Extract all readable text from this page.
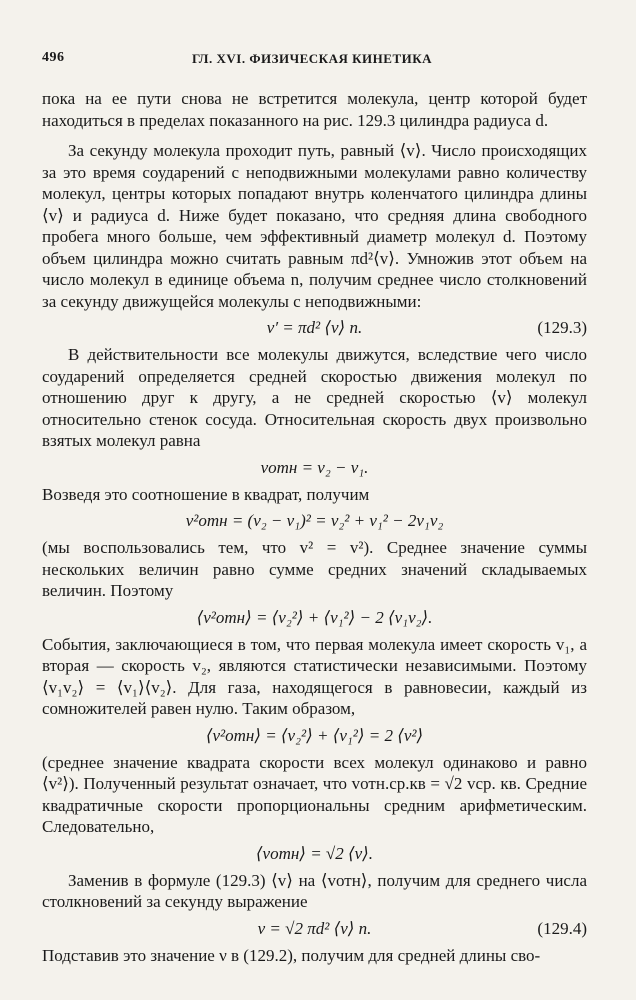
496	ГЛ. XVI. ФИЗИЧЕСКАЯ КИНЕТИКА

пока на ее пути снова не встретится молекула, центр которой будет находиться в пределах показанного на рис. 129.3 цилиндра радиуса d.

За секунду молекула проходит путь, равный ⟨v⟩. Число происходящих за это время соударений с неподвижными молекулами равно количеству молекул, центры которых попадают внутрь коленчатого цилиндра длины ⟨v⟩ и радиуса d. Ниже будет показано, что средняя длина свободного пробега много больше, чем эффективный диаметр молекул d. Поэтому объем цилиндра можно считать равным πd²⟨v⟩. Умножив этот объем на число молекул в единице объема n, получим среднее число столкновений за секунду движущейся молекулы с неподвижными:

ν′ = πd² ⟨v⟩ n.	(129.3)

В действительности все молекулы движутся, вследствие чего число соударений определяется средней скоростью движения молекул по отношению друг к другу, а не средней скоростью ⟨v⟩ молекул относительно стенок сосуда. Относительная скорость двух произвольно взятых молекул равна

vотн = v₂ − v₁.

Возведя это соотношение в квадрат, получим

v²отн = (v₂ − v₁)² = v₂² + v₁² − 2v₁v₂

(мы воспользовались тем, что v² = v²). Среднее значение суммы нескольких величин равно сумме средних значений складываемых величин. Поэтому

⟨v²отн⟩ = ⟨v₂²⟩ + ⟨v₁²⟩ − 2 ⟨v₁v₂⟩.

События, заключающиеся в том, что первая молекула имеет скорость v₁, а вторая — скорость v₂, являются статистически независимыми. Поэтому ⟨v₁v₂⟩ = ⟨v₁⟩⟨v₂⟩. Для газа, находящегося в равновесии, каждый из сомножителей равен нулю. Таким образом,

⟨v²отн⟩ = ⟨v₂²⟩ + ⟨v₁²⟩ = 2 ⟨v²⟩

(среднее значение квадрата скорости всех молекул одинаково и равно ⟨v²⟩). Полученный результат означает, что vотн.ср.кв = √2 vср. кв. Средние квадратичные скорости пропорциональны средним арифметическим. Следовательно,

⟨vотн⟩ = √2 ⟨v⟩.

Заменив в формуле (129.3) ⟨v⟩ на ⟨vотн⟩, получим для среднего числа столкновений за секунду выражение

ν = √2 πd² ⟨v⟩ n.	(129.4)

Подставив это значение ν в (129.2), получим для средней длины сво-
